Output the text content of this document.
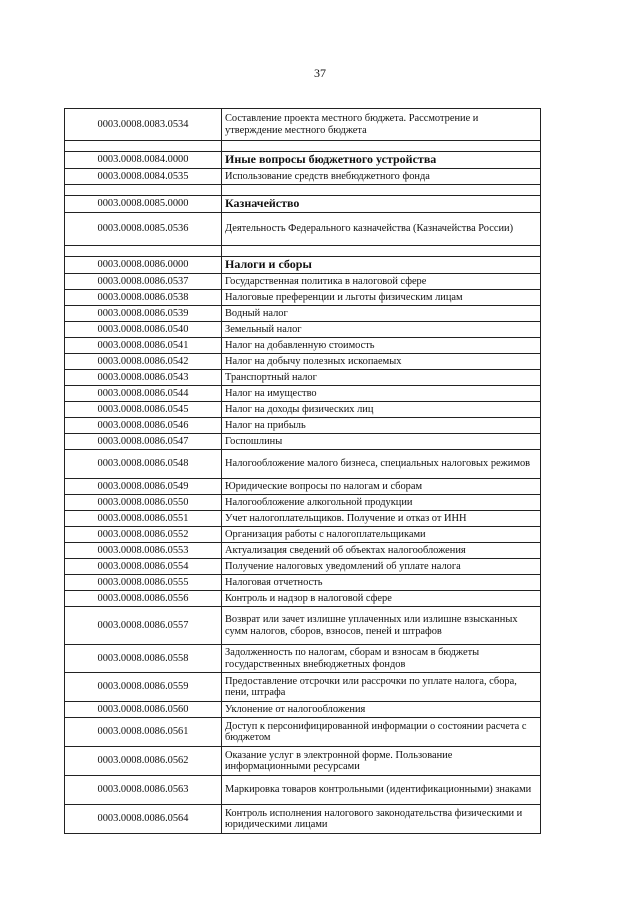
37
0003.0008.0083.0534	Составление проекта местного бюджета. Рассмотрение и утверждение местного бюджета

0003.0008.0084.0000	Иные вопросы бюджетного устройства
0003.0008.0084.0535	Использование средств внебюджетного фонда

0003.0008.0085.0000	Казначейство
0003.0008.0085.0536	Деятельность Федерального казначейства (Казначейства России)

0003.0008.0086.0000	Налоги и сборы
0003.0008.0086.0537	Государственная политика в налоговой сфере
0003.0008.0086.0538	Налоговые преференции и льготы физическим лицам
0003.0008.0086.0539	Водный налог
0003.0008.0086.0540	Земельный налог
0003.0008.0086.0541	Налог на добавленную стоимость
0003.0008.0086.0542	Налог на добычу полезных ископаемых
0003.0008.0086.0543	Транспортный налог
0003.0008.0086.0544	Налог на имущество
0003.0008.0086.0545	Налог на доходы физических лиц
0003.0008.0086.0546	Налог на прибыль
0003.0008.0086.0547	Госпошлины
0003.0008.0086.0548	Налогообложение малого бизнеса, специальных налоговых режимов
0003.0008.0086.0549	Юридические вопросы по налогам и сборам
0003.0008.0086.0550	Налогообложение алкогольной продукции
0003.0008.0086.0551	Учет налогоплательщиков. Получение и отказ от ИНН
0003.0008.0086.0552	Организация работы с налогоплательщиками
0003.0008.0086.0553	Актуализация сведений об объектах налогообложения
0003.0008.0086.0554	Получение налоговых уведомлений об уплате налога
0003.0008.0086.0555	Налоговая отчетность
0003.0008.0086.0556	Контроль и надзор в налоговой сфере
0003.0008.0086.0557	Возврат или зачет излишне уплаченных или излишне взысканных сумм налогов, сборов, взносов, пеней и штрафов
0003.0008.0086.0558	Задолженность по налогам, сборам и взносам в бюджеты государственных внебюджетных фондов
0003.0008.0086.0559	Предоставление отсрочки или рассрочки по уплате налога, сбора, пени, штрафа
0003.0008.0086.0560	Уклонение от налогообложения
0003.0008.0086.0561	Доступ к персонифицированной информации о состоянии расчета с бюджетом
0003.0008.0086.0562	Оказание услуг в электронной форме. Пользование информационными ресурсами
0003.0008.0086.0563	Маркировка товаров контрольными (идентификационными) знаками
0003.0008.0086.0564	Контроль исполнения налогового законодательства физическими и юридическими лицами
